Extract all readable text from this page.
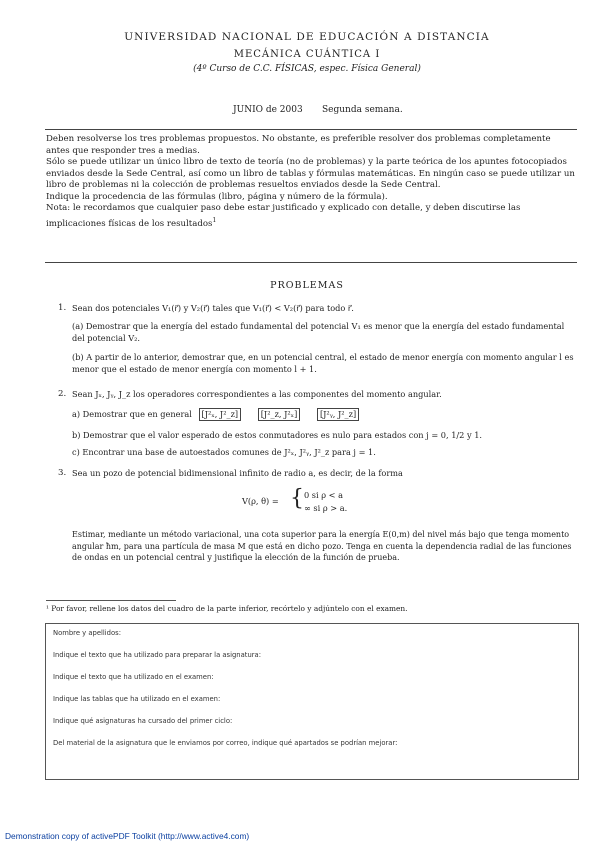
UNIVERSIDAD NACIONAL DE EDUCACIÓN A DISTANCIA
MECÁNICA CUÁNTICA I
(4º Curso de C.C. FÍSICAS, espec. Física General)
JUNIO de 2003 Segunda semana.

Deben resolverse los tres problemas propuestos. No obstante, es preferible resolver dos problemas completamente antes que responder tres a medias.

Sólo se puede utilizar un único libro de texto de teoría (no de problemas) y la parte teórica de los apuntes fotocopiados enviados desde la Sede Central, así como un libro de tablas y fórmulas matemáticas. En ningún caso se puede utilizar un libro de problemas ni la colección de problemas resueltos enviados desde la Sede Central.

Indique la procedencia de las fórmulas (libro, página y número de la fórmula).

Nota: le recordamos que cualquier paso debe estar justificado y explicado con detalle, y deben discutirse las implicaciones físicas de los resultados$^1$

PROBLEMAS
1. Sean dos potenciales V₁(r⃗) y V₂(r⃗) tales que V₁(r⃗) < V₂(r⃗) para todo r⃗.
(a) Demostrar que la energía del estado fundamental del potencial V₁ es menor que la energía del estado fundamental del potencial V₂.
(b) A partir de lo anterior, demostrar que, en un potencial central, el estado de menor energía con momento angular l es menor que el estado de menor energía con momento l + 1.
2. Sean Jₓ, Jᵧ, J_z los operadores correspondientes a las componentes del momento angular.
a) Demostrar que en general [J²ₓ, J²_z]	[J²_z, J²ₓ]	[J²ᵧ, J²_z]
b) Demostrar que el valor esperado de estos conmutadores es nulo para estados con j = 0, 1/2 y 1.
c) Encontrar una base de autoestados comunes de J²ₓ, J²ᵧ, J²_z para j = 1.
3. Sea un pozo de potencial bidimensional infinito de radio a, es decir, de la forma
V(ρ, θ) = { 0 si ρ < a
∞ si ρ > a.
Estimar, mediante un método variacional, una cota superior para la energía E(0,m) del nivel más bajo que tenga momento angular ħm, para una partícula de masa M que está en dicho pozo. Tenga en cuenta la dependencia radial de las funciones de ondas en un potencial central y justifique la elección de la función de prueba.
¹ Por favor, rellene los datos del cuadro de la parte inferior, recórtelo y adjúntelo con el examen.
Nombre y apellidos:
Indique el texto que ha utilizado para preparar la asignatura:
Indique el texto que ha utilizado en el examen:
Indique las tablas que ha utilizado en el examen:
Indique qué asignaturas ha cursado del primer ciclo:
Del material de la asignatura que le enviamos por correo, indique qué apartados se podrían mejorar:
Demonstration copy of activePDF Toolkit (http://www.active4.com)
